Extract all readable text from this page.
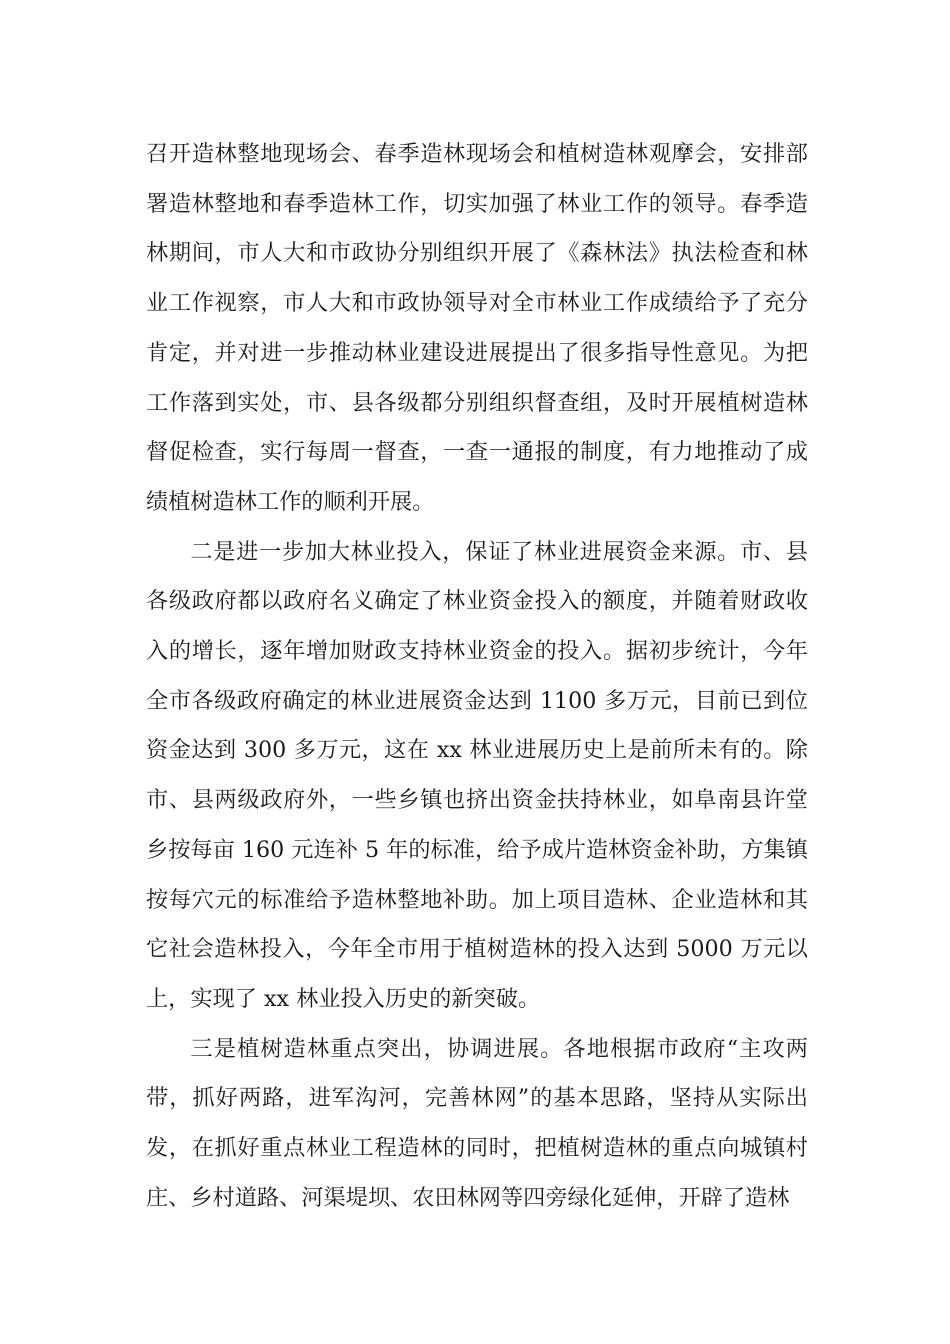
召开造林整地现场会、春季造林现场会和植树造林观摩会，安排部署造林整地和春季造林工作，切实加强了林业工作的领导。春季造林期间，市人大和市政协分别组织开展了《森林法》执法检查和林业工作视察，市人大和市政协领导对全市林业工作成绩给予了充分肯定，并对进一步推动林业建设进展提出了很多指导性意见。为把工作落到实处，市、县各级都分别组织督查组，及时开展植树造林督促检查，实行每周一督查，一查一通报的制度，有力地推动了成绩植树造林工作的顺利开展。

二是进一步加大林业投入，保证了林业进展资金来源。市、县各级政府都以政府名义确定了林业资金投入的额度，并随着财政收入的增长，逐年增加财政支持林业资金的投入。据初步统计，今年全市各级政府确定的林业进展资金达到 1100 多万元，目前已到位资金达到 300 多万元，这在 xx 林业进展历史上是前所未有的。除市、县两级政府外，一些乡镇也挤出资金扶持林业，如阜南县许堂乡按每亩 160 元连补 5 年的标准，给予成片造林资金补助，方集镇按每穴元的标准给予造林整地补助。加上项目造林、企业造林和其它社会造林投入，今年全市用于植树造林的投入达到 5000 万元以上，实现了 xx 林业投入历史的新突破。

三是植树造林重点突出，协调进展。各地根据市政府“主攻两带，抓好两路，进军沟河，完善林网”的基本思路，坚持从实际出发，在抓好重点林业工程造林的同时，把植树造林的重点向城镇村庄、乡村道路、河渠堤坝、农田林网等四旁绿化延伸，开辟了造林
